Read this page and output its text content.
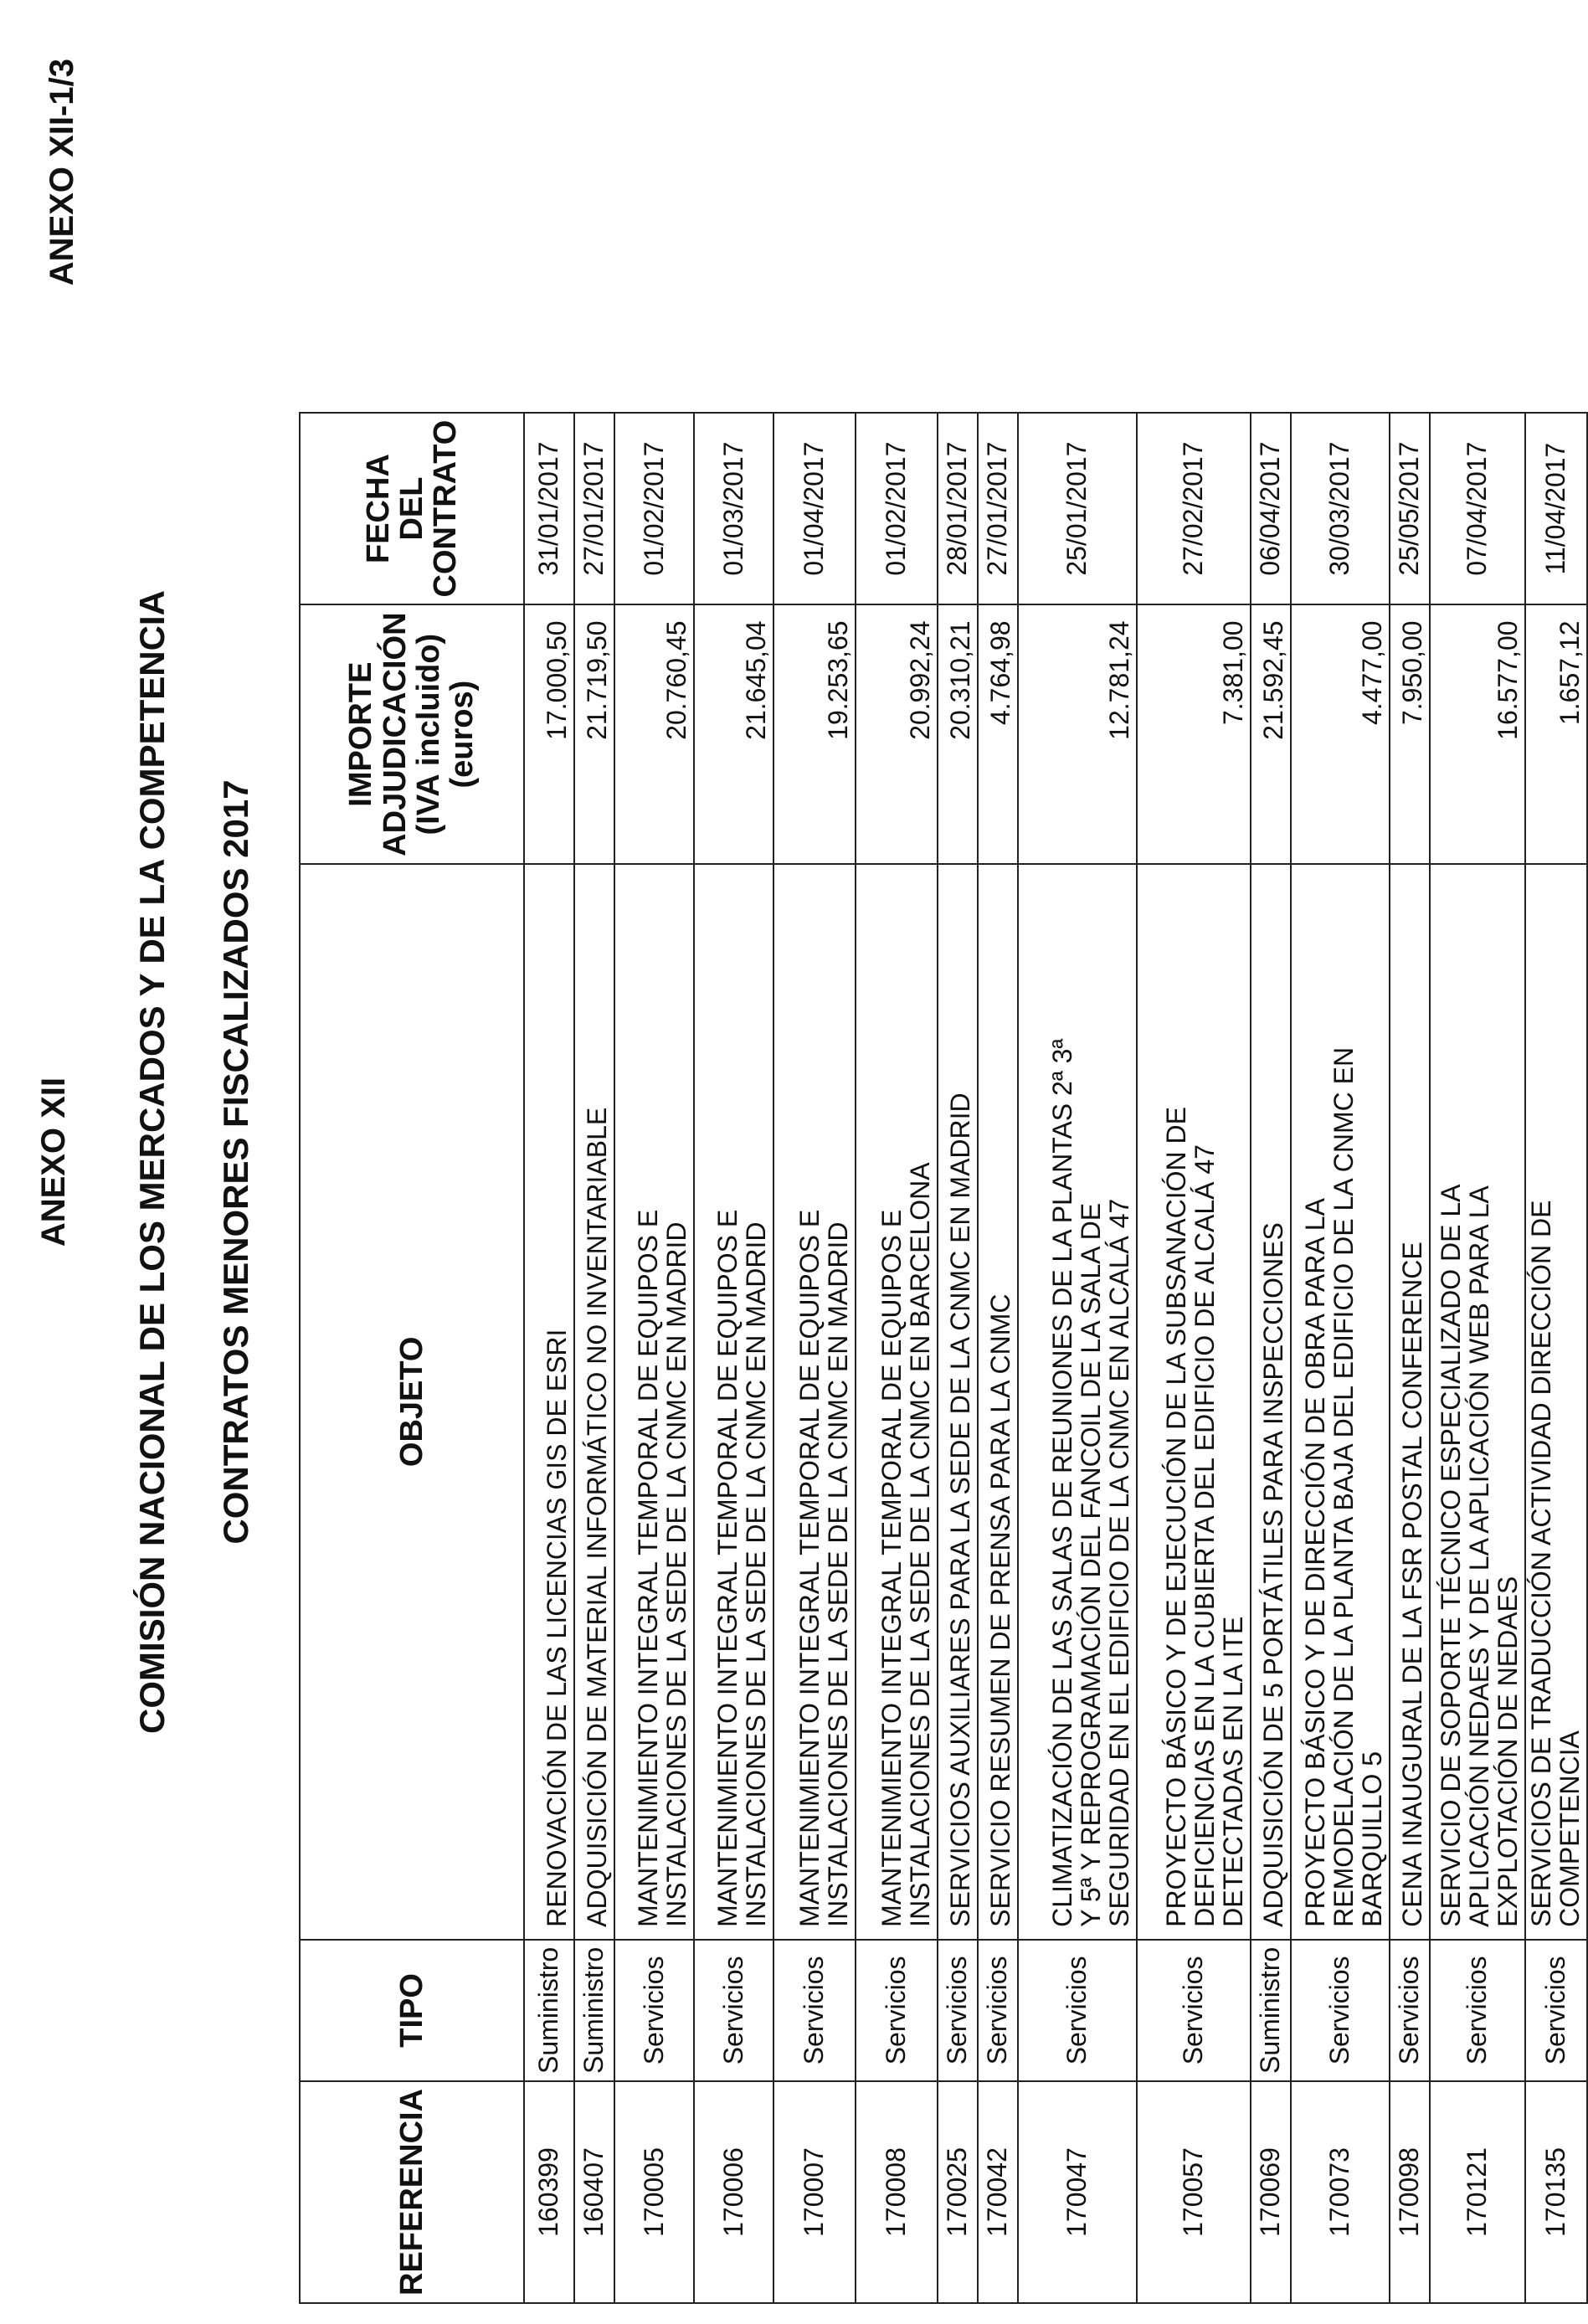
ANEXO XII-1/3
ANEXO XII COMISIÓN NACIONAL DE LOS MERCADOS Y DE LA COMPETENCIA CONTRATOS MENORES FISCALIZADOS 2017
REFERENCIA	TIPO	OBJETO	IMPORTE
ADJUDICACIÓN
(IVA incluido)
(euros)	FECHA DEL
CONTRATO
160399	Suministro	RENOVACIÓN DE LAS LICENCIAS GIS DE ESRI	17.000,50	31/01/2017
160407	Suministro	ADQUISICIÓN DE MATERIAL INFORMÁTICO NO INVENTARIABLE	21.719,50	27/01/2017
170005	Servicios	MANTENIMIENTO INTEGRAL TEMPORAL DE EQUIPOS E
INSTALACIONES DE LA SEDE DE LA CNMC EN MADRID	20.760,45	01/02/2017
170006	Servicios	MANTENIMIENTO INTEGRAL TEMPORAL DE EQUIPOS E
INSTALACIONES DE LA SEDE DE LA CNMC EN MADRID	21.645,04	01/03/2017
170007	Servicios	MANTENIMIENTO INTEGRAL TEMPORAL DE EQUIPOS E
INSTALACIONES DE LA SEDE DE LA CNMC EN MADRID	19.253,65	01/04/2017
170008	Servicios	MANTENIMIENTO INTEGRAL TEMPORAL DE EQUIPOS E
INSTALACIONES DE LA SEDE DE LA CNMC EN BARCELONA	20.992,24	01/02/2017
170025	Servicios	SERVICIOS AUXILIARES PARA LA SEDE DE LA CNMC EN MADRID	20.310,21	28/01/2017
170042	Servicios	SERVICIO RESUMEN DE PRENSA PARA LA CNMC	4.764,98	27/01/2017
170047	Servicios	CLIMATIZACIÓN DE LAS SALAS DE REUNIONES DE LA PLANTAS 2ª 3ª
Y 5ª Y REPROGRAMACIÓN DEL FANCOIL DE LA SALA DE
SEGURIDAD EN EL EDIFICIO DE LA CNMC EN ALCALÁ 47	12.781,24	25/01/2017
170057	Servicios	PROYECTO BÁSICO Y DE EJECUCIÓN DE LA SUBSANACIÓN DE
DEFICIENCIAS EN LA CUBIERTA DEL EDIFICIO DE ALCALÁ 47
DETECTADAS EN LA ITE	7.381,00	27/02/2017
170069	Suministro	ADQUISICIÓN DE 5 PORTÁTILES PARA INSPECCIONES	21.592,45	06/04/2017
170073	Servicios	PROYECTO BÁSICO Y DE DIRECCIÓN DE OBRA PARA LA
REMODELACIÓN DE LA PLANTA BAJA DEL EDIFICIO DE LA CNMC EN
BARQUILLO 5	4.477,00	30/03/2017
170098	Servicios	CENA INAUGURAL DE LA FSR POSTAL CONFERENCE	7.950,00	25/05/2017
170121	Servicios	SERVICIO DE SOPORTE TÉCNICO ESPECIALIZADO DE LA
APLICACIÓN NEDAES Y DE LA APLICACIÓN WEB PARA LA
EXPLOTACIÓN DE NEDAES	16.577,00	07/04/2017
170135	Servicios	SERVICIOS DE TRADUCCIÓN ACTIVIDAD DIRECCIÓN DE
COMPETENCIA	1.657,12	11/04/2017
